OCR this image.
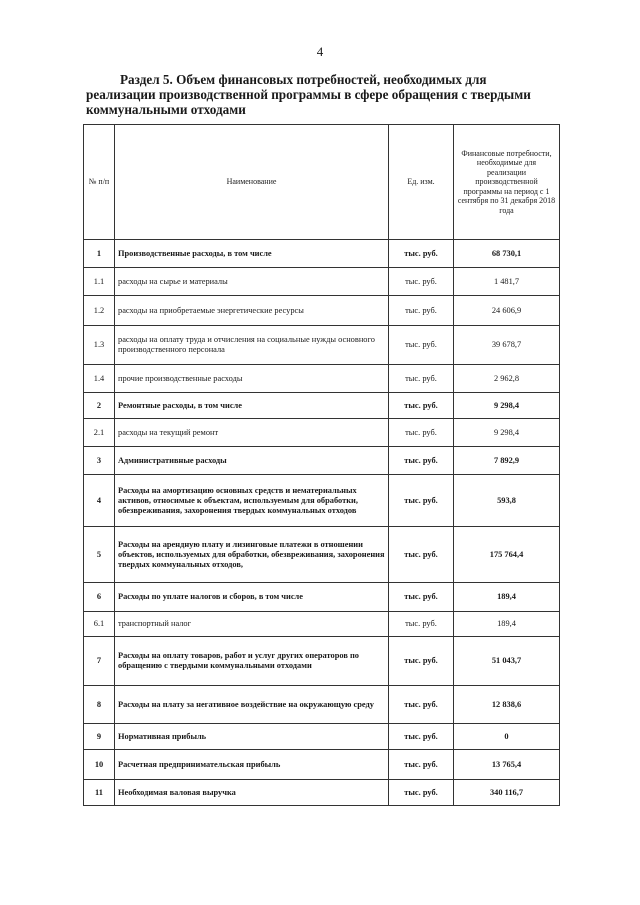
4
Раздел 5. Объем финансовых потребностей, необходимых для
реализации производственной программы в сфере обращения с твердыми
коммунальными отходами
№ п/п	Наименование	Ед. изм.	Финансовые потребности, необходимые для реализации производственной программы на период с 1 сентября по 31 декабря 2018 года
1	Производственные расходы, в том числе	тыс. руб.	68 730,1
1.1	расходы на сырье и материалы	тыс. руб.	1 481,7
1.2	расходы на приобретаемые энергетические ресурсы	тыс. руб.	24 606,9
1.3	расходы на оплату труда и отчисления на социальные нужды основного производственного персонала	тыс. руб.	39 678,7
1.4	прочие производственные расходы	тыс. руб.	2 962,8
2	Ремонтные расходы, в том числе	тыс. руб.	9 298,4
2.1	расходы на текущий ремонт	тыс. руб.	9 298,4
3	Административные расходы	тыс. руб.	7 892,9
4	Расходы на амортизацию основных средств и нематериальных активов, относимые к объектам, используемым для обработки, обезвреживания, захоронения твердых коммунальных отходов	тыс. руб.	593,8
5	Расходы на арендную плату и лизинговые платежи в отношении объектов, используемых для обработки, обезвреживания, захоронения твердых коммунальных отходов,	тыс. руб.	175 764,4
6	Расходы по уплате налогов и сборов, в том числе	тыс. руб.	189,4
6.1	транспортный налог	тыс. руб.	189,4
7	Расходы на оплату товаров, работ и услуг других операторов по обращению с твердыми коммунальными отходами	тыс. руб.	51 043,7
8	Расходы на плату за негативное воздействие на окружающую среду	тыс. руб.	12 838,6
9	Нормативная прибыль	тыс. руб.	0
10	Расчетная предпринимательская прибыль	тыс. руб.	13 765,4
11	Необходимая валовая выручка	тыс. руб.	340 116,7
